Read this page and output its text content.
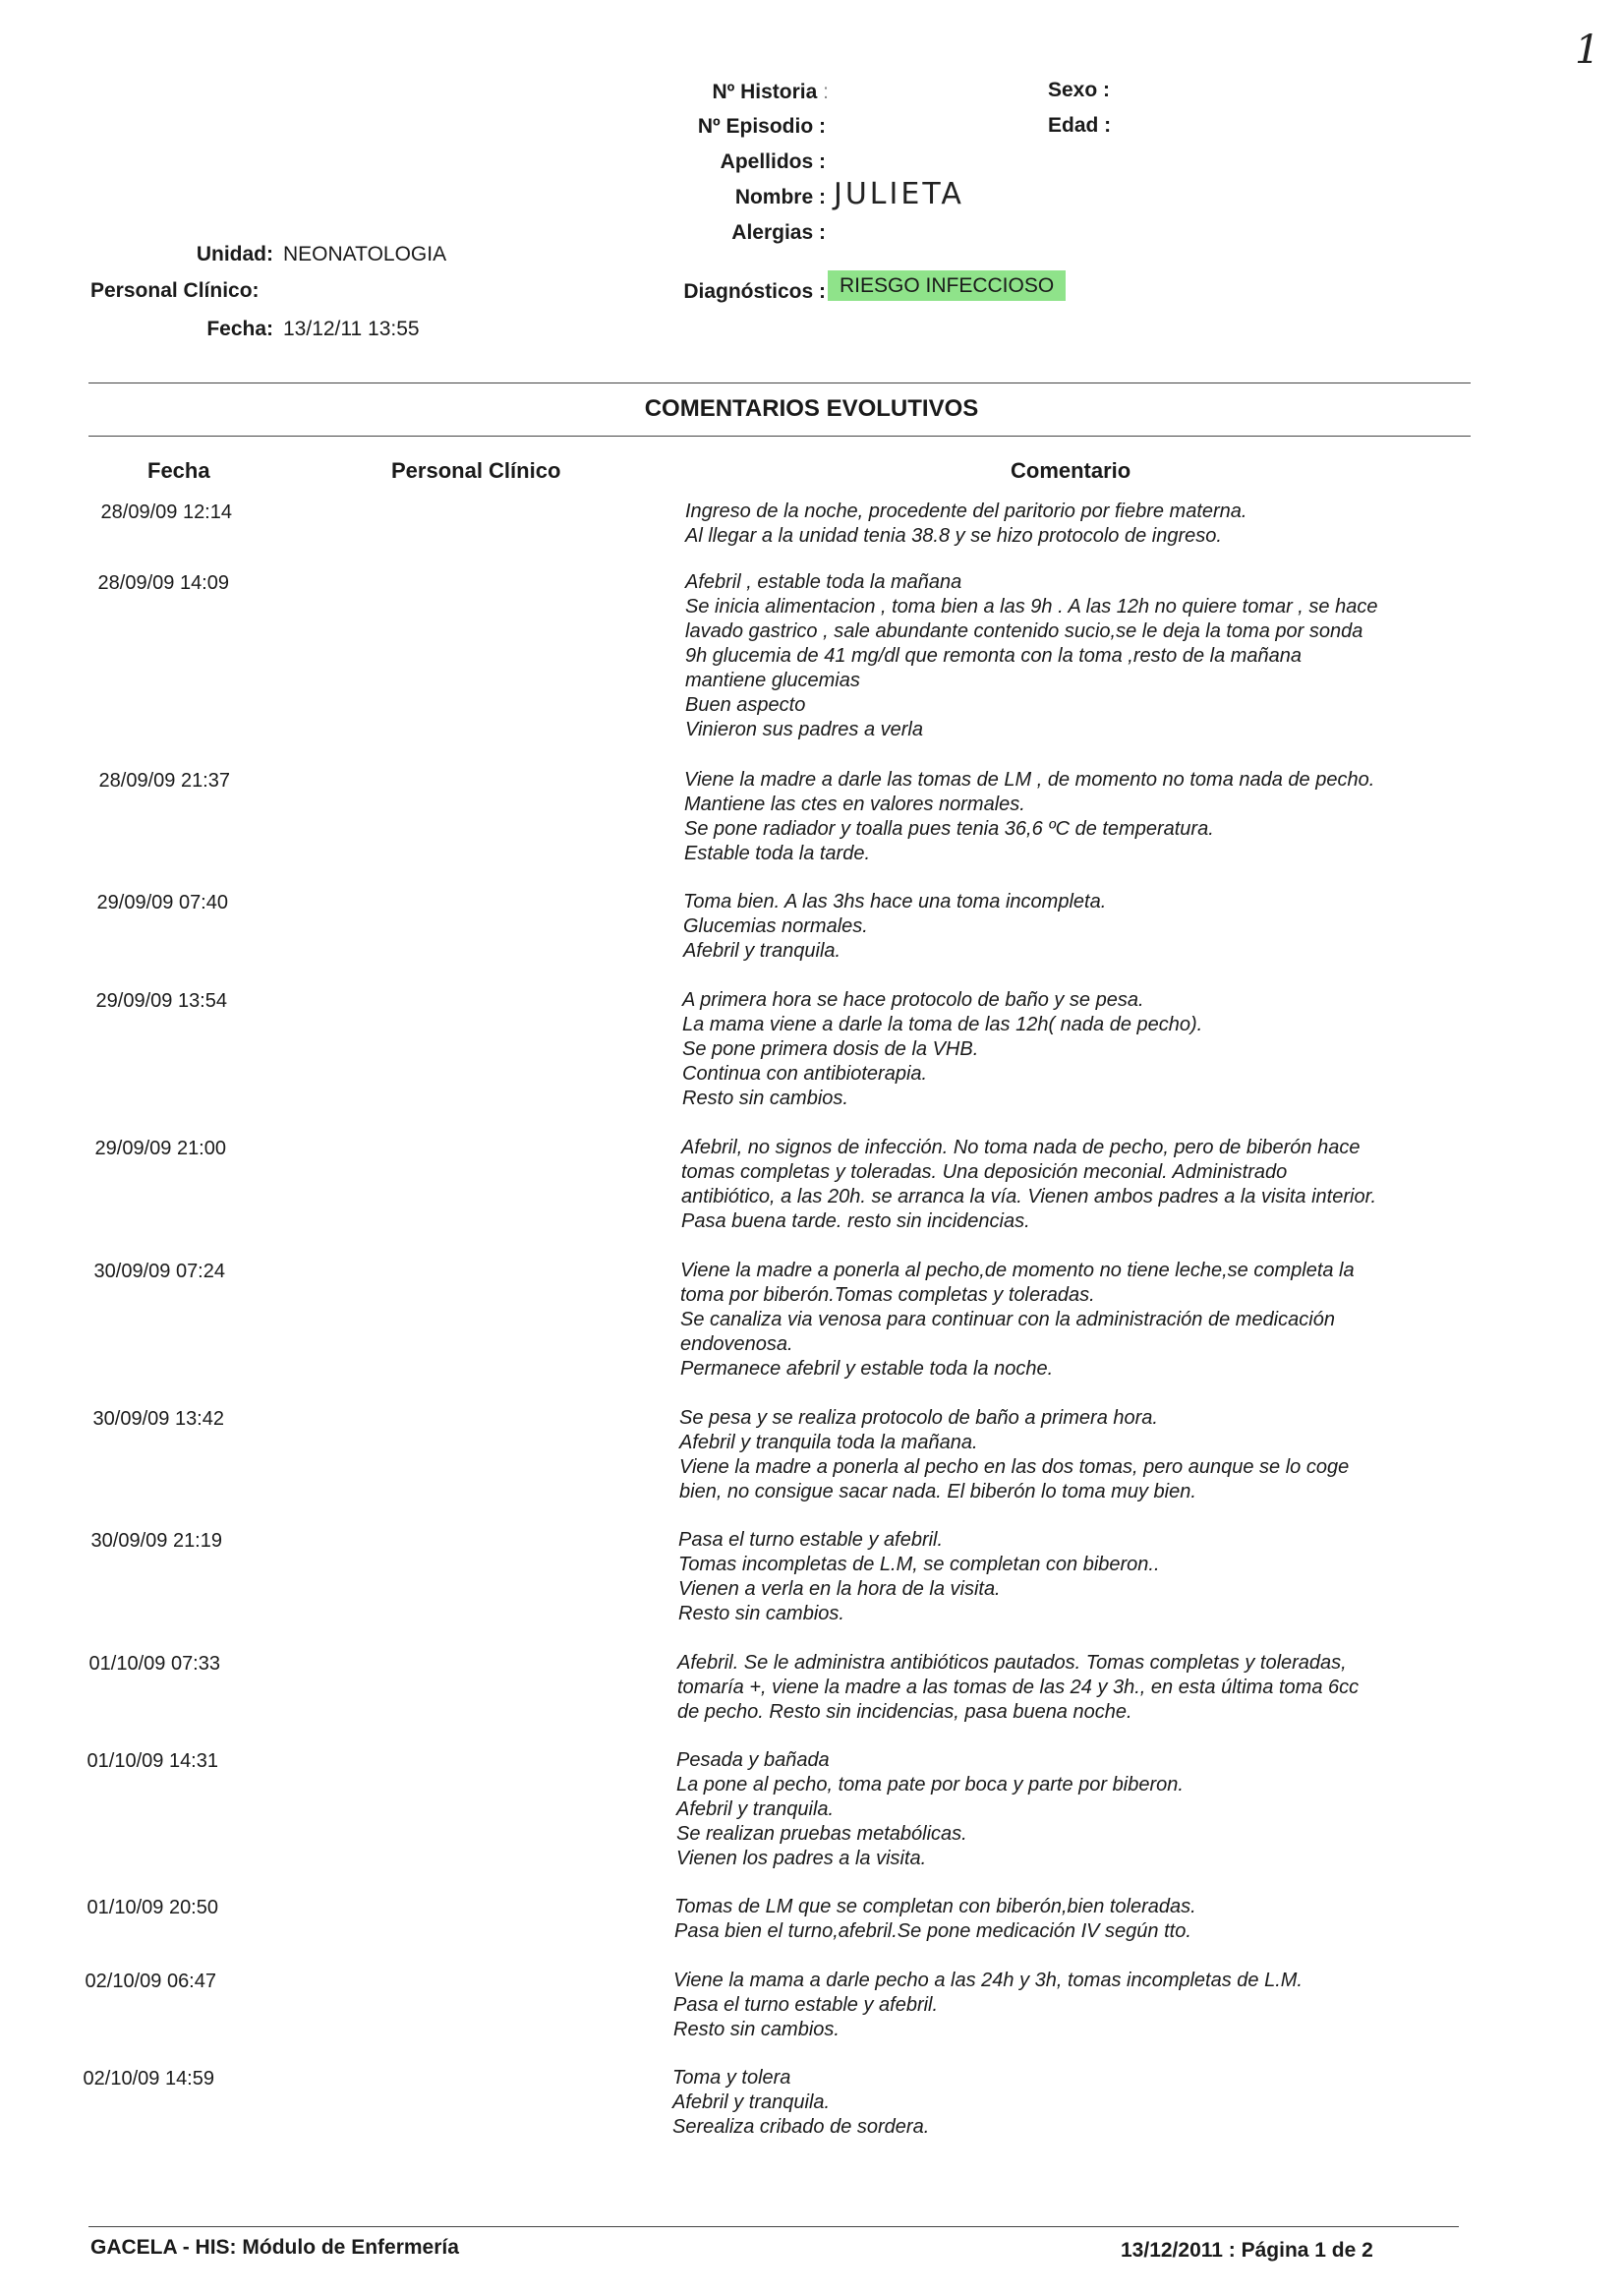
1
Nº Historia :
Nº Episodio :
Apellidos :
Nombre : JULIETA
Alergias :
Diagnósticos : RIESGO INFECCIOSO
Sexo :
Edad :
Unidad: NEONATOLOGIA
Personal Clínico:
Fecha: 13/12/11 13:55
COMENTARIOS EVOLUTIVOS
Fecha	Personal Clínico	Comentario
28/09/09 12:14	Ingreso de la noche, procedente del paritorio por fiebre materna.
Al llegar a la unidad tenia 38.8 y se hizo protocolo de ingreso.
28/09/09 14:09	Afebril , estable toda la mañana
Se inicia alimentacion , toma bien a las 9h . A las 12h no quiere tomar , se hace
lavado gastrico , sale abundante contenido sucio,se le deja la toma por sonda
9h glucemia de 41 mg/dl que remonta con la toma ,resto de la mañana
mantiene glucemias
Buen aspecto
Vinieron sus padres a verla
28/09/09 21:37	Viene la madre a darle las tomas de LM , de momento no toma nada de pecho.
Mantiene las ctes en valores normales.
Se pone radiador y toalla pues tenia 36,6 ºC de temperatura.
Estable toda la tarde.
29/09/09 07:40	Toma bien. A las 3hs hace una toma incompleta.
Glucemias normales.
Afebril y tranquila.
29/09/09 13:54	A primera hora se hace protocolo de baño y se pesa.
La mama viene a darle la toma de las 12h( nada de pecho).
Se pone primera dosis de la VHB.
Continua con antibioterapia.
Resto sin cambios.
29/09/09 21:00	Afebril, no signos de infección. No toma nada de pecho, pero de biberón hace
tomas completas y toleradas. Una deposición meconial. Administrado
antibiótico, a las 20h. se arranca la vía. Vienen ambos padres a la visita interior.
Pasa buena tarde. resto sin incidencias.
30/09/09 07:24	Viene la madre a ponerla al pecho,de momento no tiene leche,se completa la
toma por biberón.Tomas completas y toleradas.
Se canaliza via venosa para continuar con la administración de medicación
endovenosa.
Permanece afebril y estable toda la noche.
30/09/09 13:42	Se pesa y se realiza protocolo de baño a primera hora.
Afebril y tranquila toda la mañana.
Viene la madre a ponerla al pecho en las dos tomas, pero aunque se lo coge
bien, no consigue sacar nada. El biberón lo toma muy bien.
30/09/09 21:19	Pasa el turno estable y afebril.
Tomas incompletas de L.M, se completan con biberon..
Vienen a verla en la hora de la visita.
Resto sin cambios.
01/10/09 07:33	Afebril. Se le administra antibióticos pautados. Tomas completas y toleradas,
tomaría +, viene la madre a las tomas de las 24 y 3h., en esta última toma 6cc
de pecho. Resto sin incidencias, pasa buena noche.
01/10/09 14:31	Pesada y bañada
La pone al pecho, toma pate por boca y parte por biberon.
Afebril y tranquila.
Se realizan pruebas metabólicas.
Vienen los padres a la visita.
01/10/09 20:50	Tomas de LM que se completan con biberón,bien toleradas.
Pasa bien el turno,afebril.Se pone medicación IV según tto.
02/10/09 06:47	Viene la mama a darle pecho a las 24h y 3h, tomas incompletas de L.M.
Pasa el turno estable y afebril.
Resto sin cambios.
02/10/09 14:59	Toma y tolera
Afebril y tranquila.
Serealiza cribado de sordera.
GACELA - HIS: Módulo de Enfermería	13/12/2011 : Página 1 de 2
